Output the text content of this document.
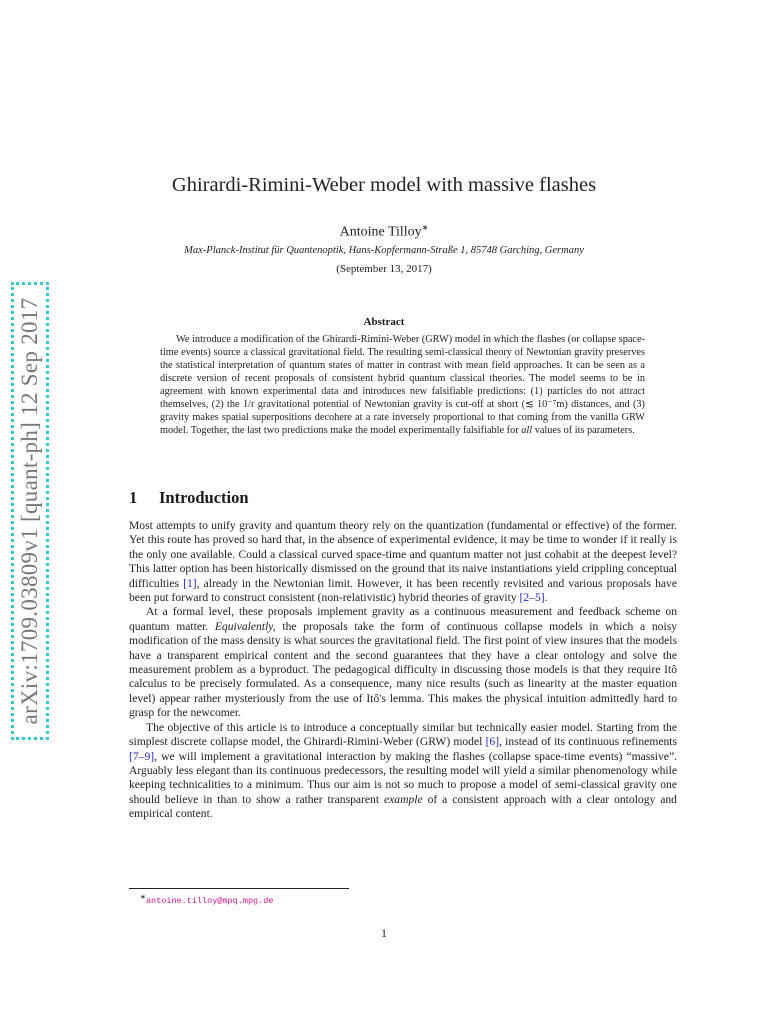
arXiv:1709.03809v1 [quant-ph] 12 Sep 2017
Ghirardi-Rimini-Weber model with massive flashes
Antoine Tilloy∗
Max-Planck-Institut für Quantenoptik, Hans-Kopfermann-Straße 1, 85748 Garching, Germany
(September 13, 2017)
Abstract

We introduce a modification of the Ghirardi-Rimini-Weber (GRW) model in which the flashes (or collapse space-time events) source a classical gravitational field. The resulting semi-classical theory of Newtonian gravity preserves the statistical interpretation of quantum states of matter in contrast with mean field approaches. It can be seen as a discrete version of recent proposals of consistent hybrid quantum classical theories. The model seems to be in agreement with known experimental data and introduces new falsifiable predictions: (1) particles do not attract themselves, (2) the 1/r gravitational potential of Newtonian gravity is cut-off at short (≲ 10⁻⁷m) distances, and (3) gravity makes spatial superpositions decohere at a rate inversely proportional to that coming from the vanilla GRW model. Together, the last two predictions make the model experimentally falsifiable for all values of its parameters.

1 Introduction

Most attempts to unify gravity and quantum theory rely on the quantization (fundamental or effective) of the former. Yet this route has proved so hard that, in the absence of experimental evidence, it may be time to wonder if it really is the only one available. Could a classical curved space-time and quantum matter not just cohabit at the deepest level? This latter option has been historically dismissed on the ground that its naive instantiations yield crippling conceptual difficulties [1], already in the Newtonian limit. However, it has been recently revisited and various proposals have been put forward to construct consistent (non-relativistic) hybrid theories of gravity [2–5].

At a formal level, these proposals implement gravity as a continuous measurement and feedback scheme on quantum matter. Equivalently, the proposals take the form of continuous collapse models in which a noisy modification of the mass density is what sources the gravitational field. The first point of view insures that the models have a transparent empirical content and the second guarantees that they have a clear ontology and solve the measurement problem as a byproduct. The pedagogical difficulty in discussing those models is that they require Itô calculus to be precisely formulated. As a consequence, many nice results (such as linearity at the master equation level) appear rather mysteriously from the use of Itô's lemma. This makes the physical intuition admittedly hard to grasp for the newcomer.

The objective of this article is to introduce a conceptually similar but technically easier model. Starting from the simplest discrete collapse model, the Ghirardi-Rimini-Weber (GRW) model [6], instead of its continuous refinements [7–9], we will implement a gravitational interaction by making the flashes (collapse space-time events) “massive”. Arguably less elegant than its continuous predecessors, the resulting model will yield a similar phenomenology while keeping technicalities to a minimum. Thus our aim is not so much to propose a model of semi-classical gravity one should believe in than to show a rather transparent example of a consistent approach with a clear ontology and empirical content.

∗antoine.tilloy@mpq.mpg.de
1
